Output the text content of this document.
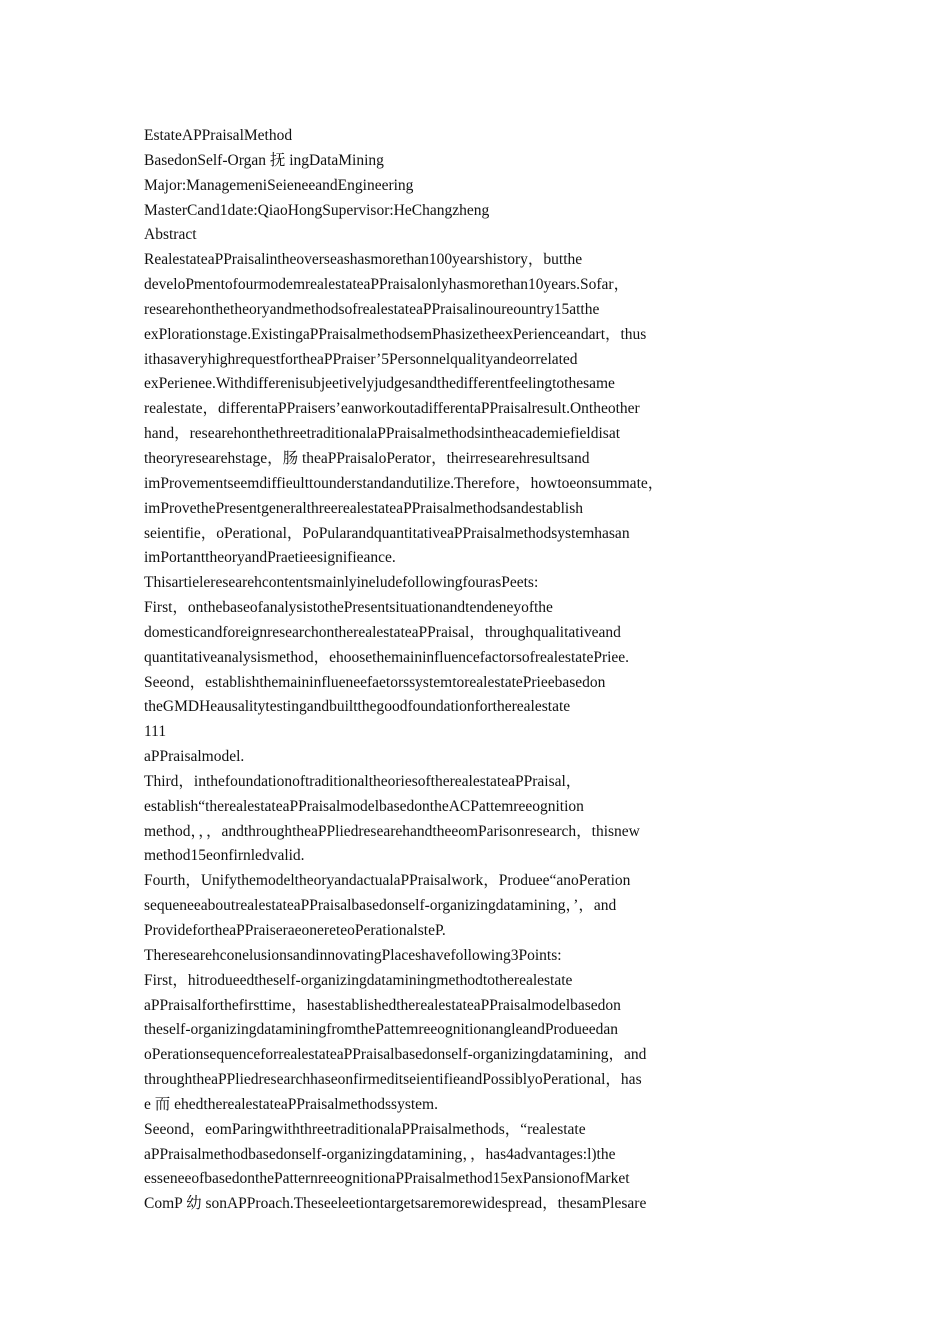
EstateAPPraisalMethod
BasedonSelf-Organ 抚 ingDataMining
Major:ManagemeniSeieneeandEngineering
MasterCand1date:QiaoHongSupervisor:HeChangzheng
Abstract
RealestateaPPraisalintheoverseashasmorethan100yearshistory，butthe
develoPmentofourmodemrealestateaPPraisalonlyhasmorethan10years.Sofar，
researehonthetheoryandmethodsofrealestateaPPraisalinoureountry15atthe
exPlorationstage.ExistingaPPraisalmethodsemPhasizetheexPerienceandart，thus
ithasaveryhighrequestfortheaPPraiser’5Personnelqualityandeorrelated
exPerienee.Withdifferenisubjeetivelyjudgesandthedifferentfeelingtothesame
realestate，differentaPPraisers’eanworkoutadifferentaPPraisalresult.Ontheother
hand，researehonthethreetraditionalaPPraisalmethodsintheacademiefieldisat
theoryresearehstage，肠 theaPPraisaloPerator，theirresearehresultsand
imProvementseemdiffieulttounderstandandutilize.Therefore，howtoeonsummate，
imProvethePresentgeneralthreerealestateaPPraisalmethodsandestablish
seientifie，oPerational，PoPularandquantitativeaPPraisalmethodsystemhasan
imPortanttheoryandPraetieesignifieance.
ThisartieleresearehcontentsmainlyineludefollowingfourasPeets:
First，onthebaseofanalysistothePresentsituationandtendeneyofthe
domesticandforeignresearchontherealestateaPPraisal，throughqualitativeand
quantitativeanalysismethod，ehoosethemaininfluencefactorsofrealestatePriee.
Seeond，establishthemaininflueneefaetorssystemtorealestatePrieebasedon
theGMDHeausalitytestingandbuiltthegoodfoundationfortherealestate
111
aPPraisalmodel.
Third，inthefoundationoftraditionaltheoriesoftherealestateaPPraisal，
establish“therealestateaPPraisalmodelbasedontheACPattemreeognition
method，，，andthroughtheaPPliedresearehandtheeomParisonresearch，thisnew
method15eonfirnledvalid.
Fourth，UnifythemodeltheoryandactualaPPraisalwork，Produee“anoPeration
sequeneeaboutrealestateaPPraisalbasedonself-organizingdatamining，’，and
ProvidefortheaPPraiseraeonereteoPerationalsteP.
TheresearehconelusionsandinnovatingPlaceshavefollowing3Points:
First，hitrodueedtheself-organizingdataminingmethodtotherealestate
aPPraisalforthefirsttime，hasestablishedtherealestateaPPraisalmodelbasedon
theself-organizingdataminingfromthePattemreeognitionangleandProdueedan
oPerationsequenceforrealestateaPPraisalbasedonself-organizingdatamining，and
throughtheaPPliedresearchhaseonfirmeditseientifieandPossiblyoPerational，has
e 而 ehedtherealestateaPPraisalmethodssystem.
Seeond，eomParingwiththreetraditionalaPPraisalmethods，“realestate
aPPraisalmethodbasedonself-organizingdatamining，，has4advantages:l)the
esseneeofbasedonthePatternreeognitionaPPraisalmethod15exPansionofMarket
ComP 幼 sonAPProach.Theseeleetiontargetsaremorewidespread，thesamPlesare
